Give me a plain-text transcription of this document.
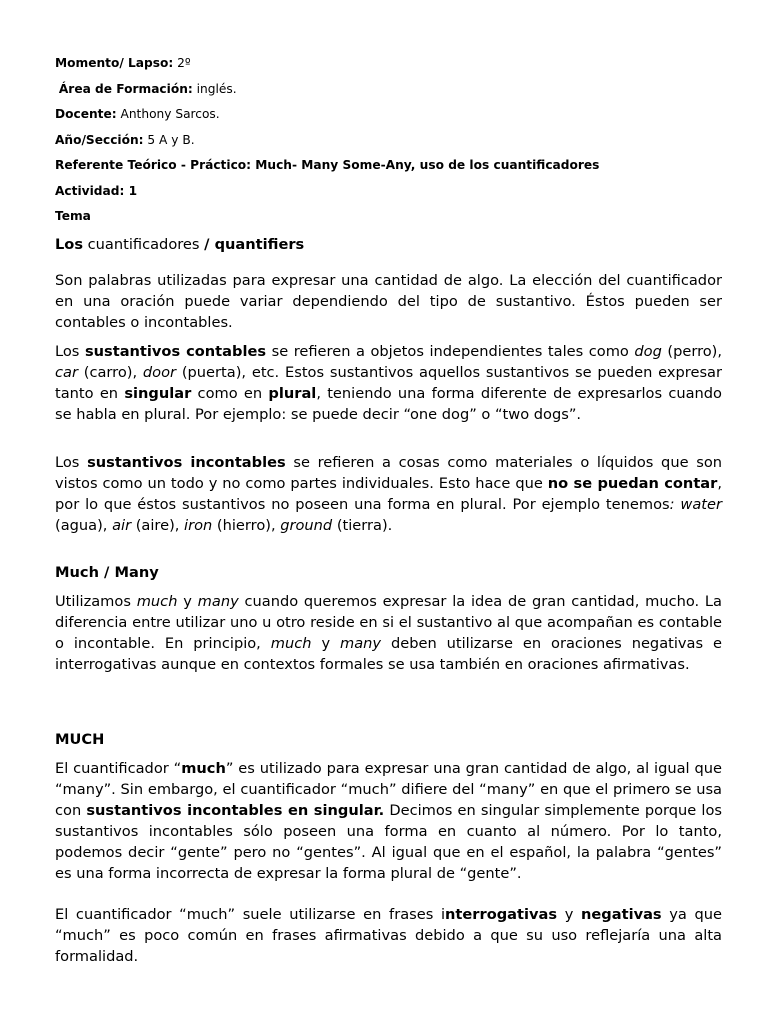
Momento/ Lapso: 2º
Área de Formación: inglés.
Docente: Anthony Sarcos.
Año/Sección: 5 A y B.
Referente Teórico - Práctico: Much- Many Some-Any, uso de los cuantificadores
Actividad: 1
Tema
Los cuantificadores / quantifiers

Son palabras utilizadas para expresar una cantidad de algo. La elección del cuantificador en una oración puede variar dependiendo del tipo de sustantivo. Éstos pueden ser contables o incontables.

Los sustantivos contables se refieren a objetos independientes tales como dog (perro), car (carro), door (puerta), etc. Estos sustantivos aquellos sustantivos se pueden expresar tanto en singular como en plural, teniendo una forma diferente de expresarlos cuando se habla en plural. Por ejemplo: se puede decir “one dog” o “two dogs”.

Los sustantivos incontables se refieren a cosas como materiales o líquidos que son vistos como un todo y no como partes individuales. Esto hace que no se puedan contar, por lo que éstos sustantivos no poseen una forma en plural. Por ejemplo tenemos: water (agua), air (aire), iron (hierro), ground (tierra).

Much / Many

Utilizamos much y many cuando queremos expresar la idea de gran cantidad, mucho. La diferencia entre utilizar uno u otro reside en si el sustantivo al que acompañan es contable o incontable. En principio, much y many deben utilizarse en oraciones negativas e interrogativas aunque en contextos formales se usa también en oraciones afirmativas.

MUCH

El cuantificador “much” es utilizado para expresar una gran cantidad de algo, al igual que “many”. Sin embargo, el cuantificador “much” difiere del “many” en que el primero se usa con sustantivos incontables en singular. Decimos en singular simplemente porque los sustantivos incontables sólo poseen una forma en cuanto al número. Por lo tanto, podemos decir “gente” pero no “gentes”. Al igual que en el español, la palabra “gentes” es una forma incorrecta de expresar la forma plural de “gente”.

El cuantificador “much” suele utilizarse en frases interrogativas y negativas ya que “much” es poco común en frases afirmativas debido a que su uso reflejaría una alta formalidad.
